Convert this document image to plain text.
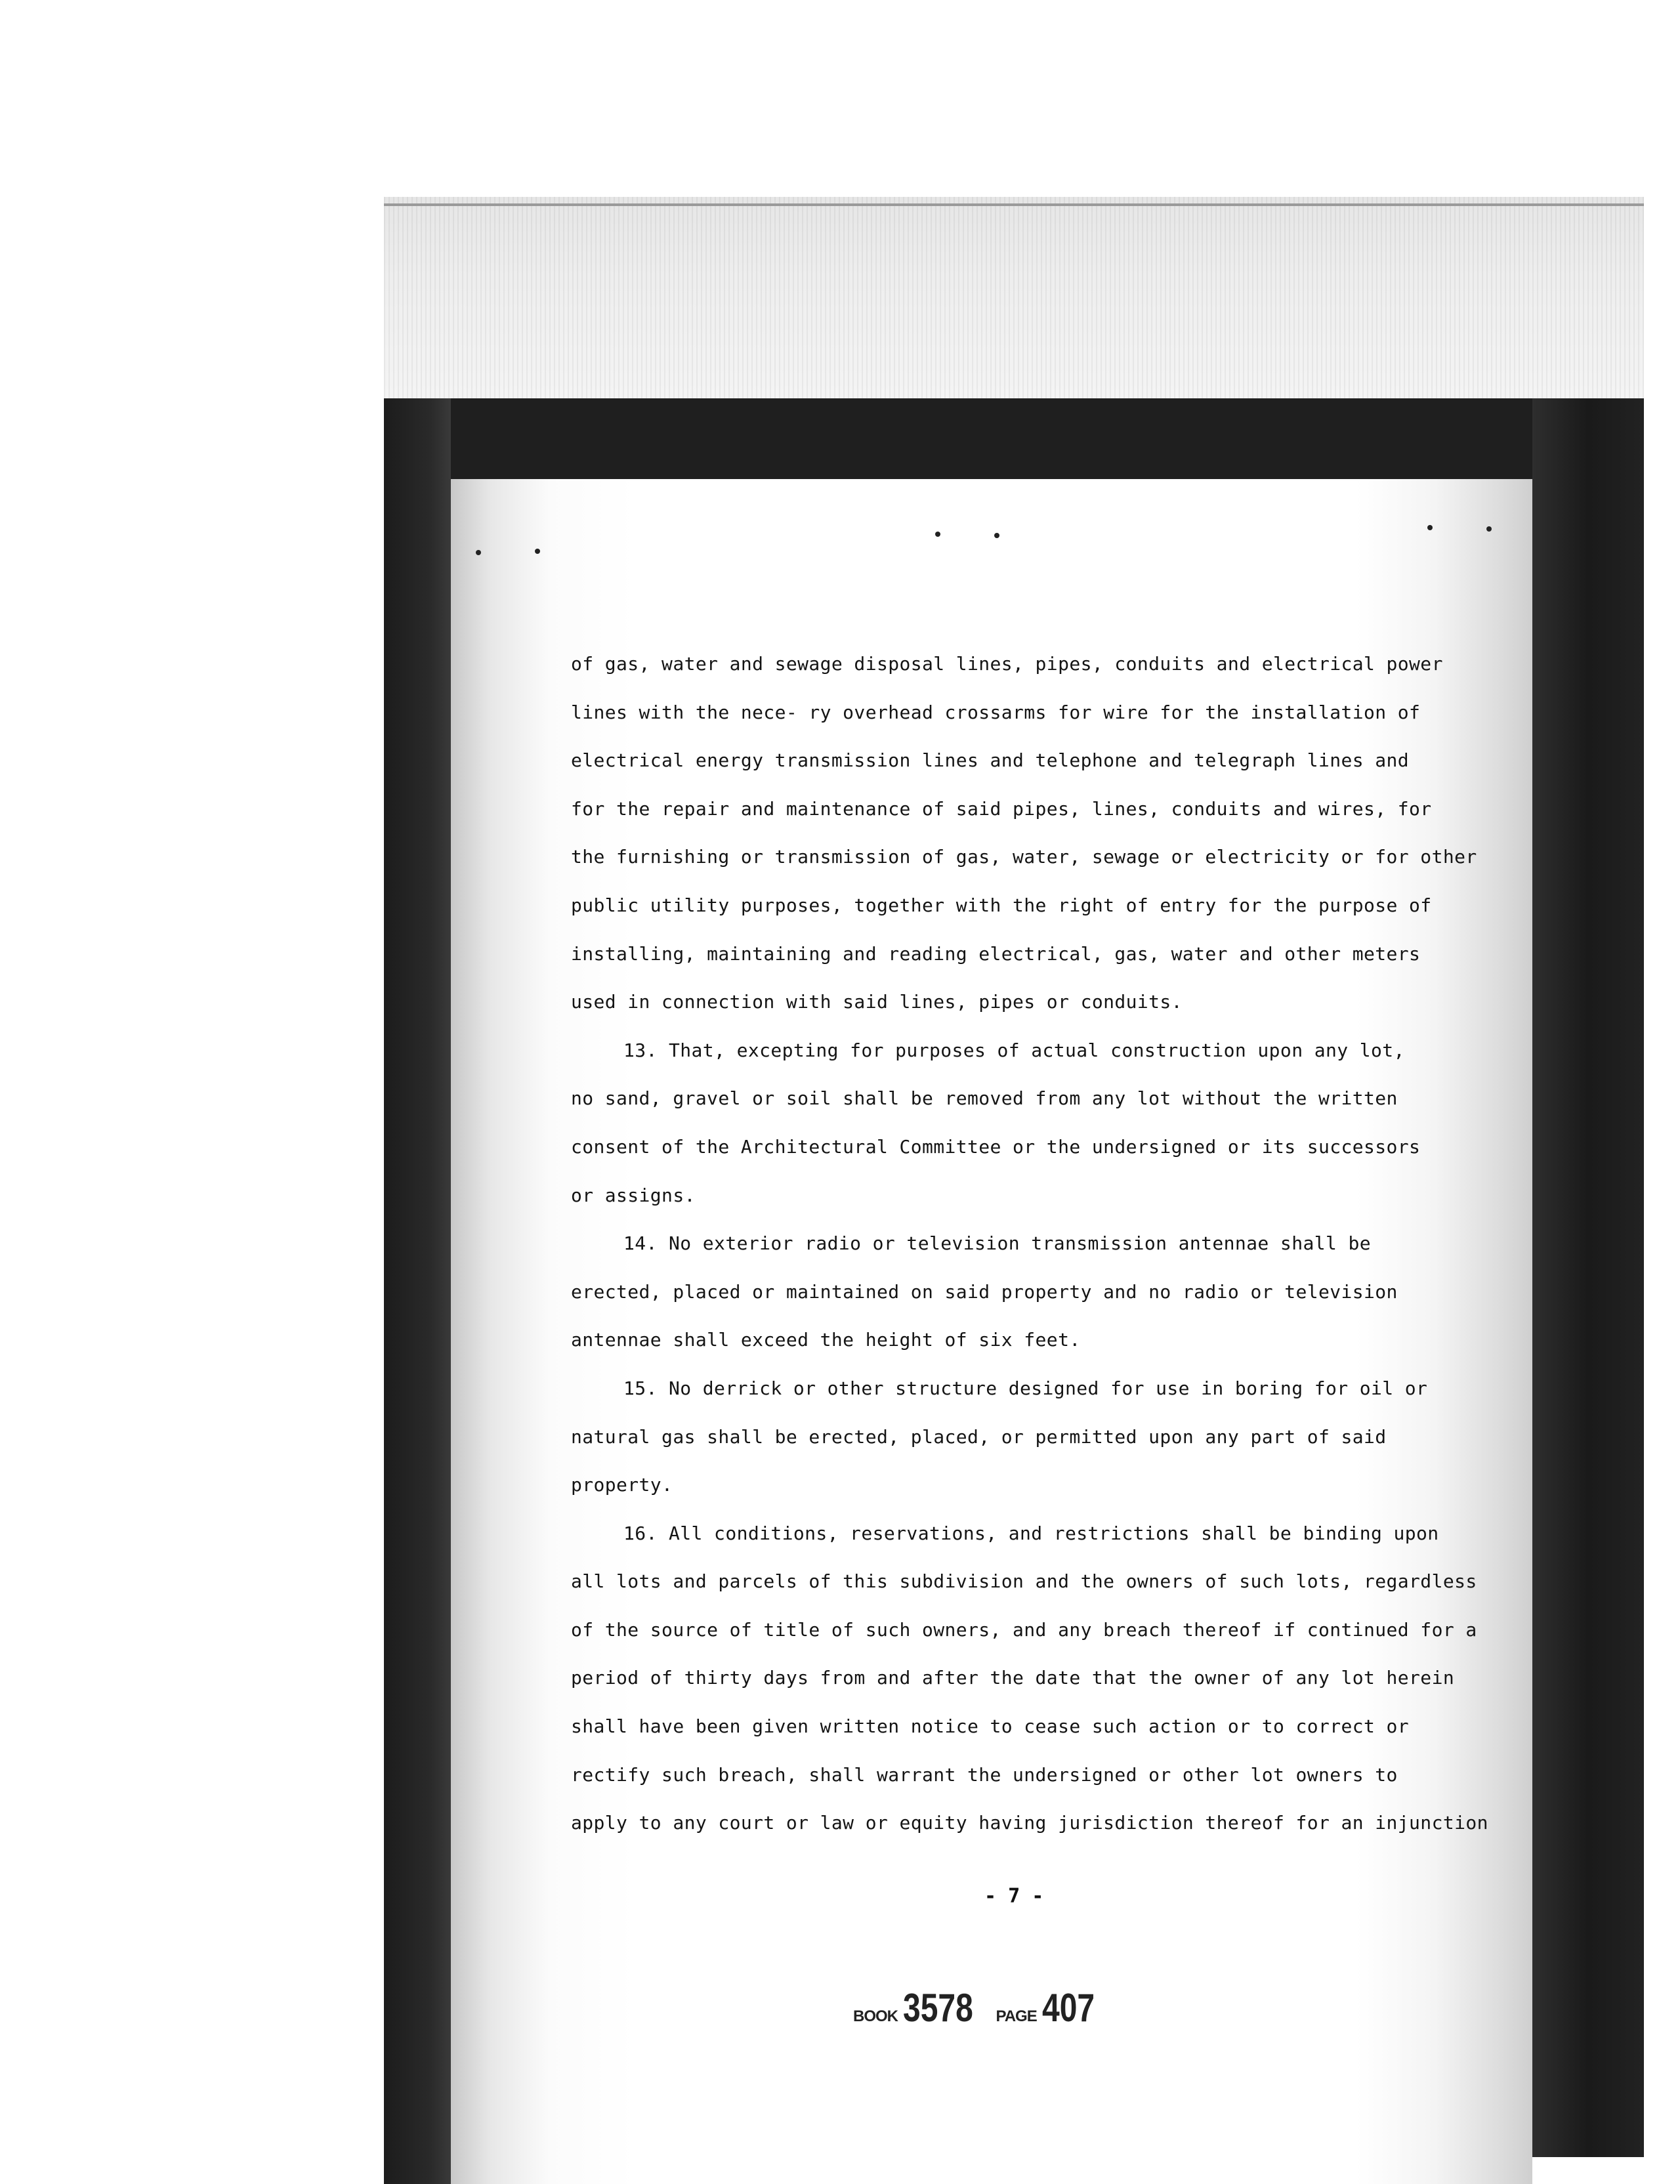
of gas, water and sewage disposal lines, pipes, conduits and electrical power
lines with the nece- ry overhead crossarms for wire for the installation of
electrical energy transmission lines and telephone and telegraph lines and
for the repair and maintenance of said pipes, lines, conduits and wires, for
the furnishing or transmission of gas, water, sewage or electricity or for other
public utility purposes, together with the right of entry for the purpose of
installing, maintaining and reading electrical, gas, water and other meters
used in connection with said lines, pipes or conduits.
13. That, excepting for purposes of actual construction upon any lot,
no sand, gravel or soil shall be removed from any lot without the written
consent of the Architectural Committee or the undersigned or its successors
or assigns.
14. No exterior radio or television transmission antennae shall be
erected, placed or maintained on said property and no radio or television
antennae shall exceed the height of six feet.
15. No derrick or other structure designed for use in boring for oil or
natural gas shall be erected, placed, or permitted upon any part of said
property.
16. All conditions, reservations, and restrictions shall be binding upon
all lots and parcels of this subdivision and the owners of such lots, regardless
of the source of title of such owners, and any breach thereof if continued for a
period of thirty days from and after the date that the owner of any lot herein
shall have been given written notice to cease such action or to correct or
rectify such breach, shall warrant the undersigned or other lot owners to
apply to any court or law or equity having jurisdiction thereof for an injunction
- 7 -
BOOK 3578 PAGE 407
